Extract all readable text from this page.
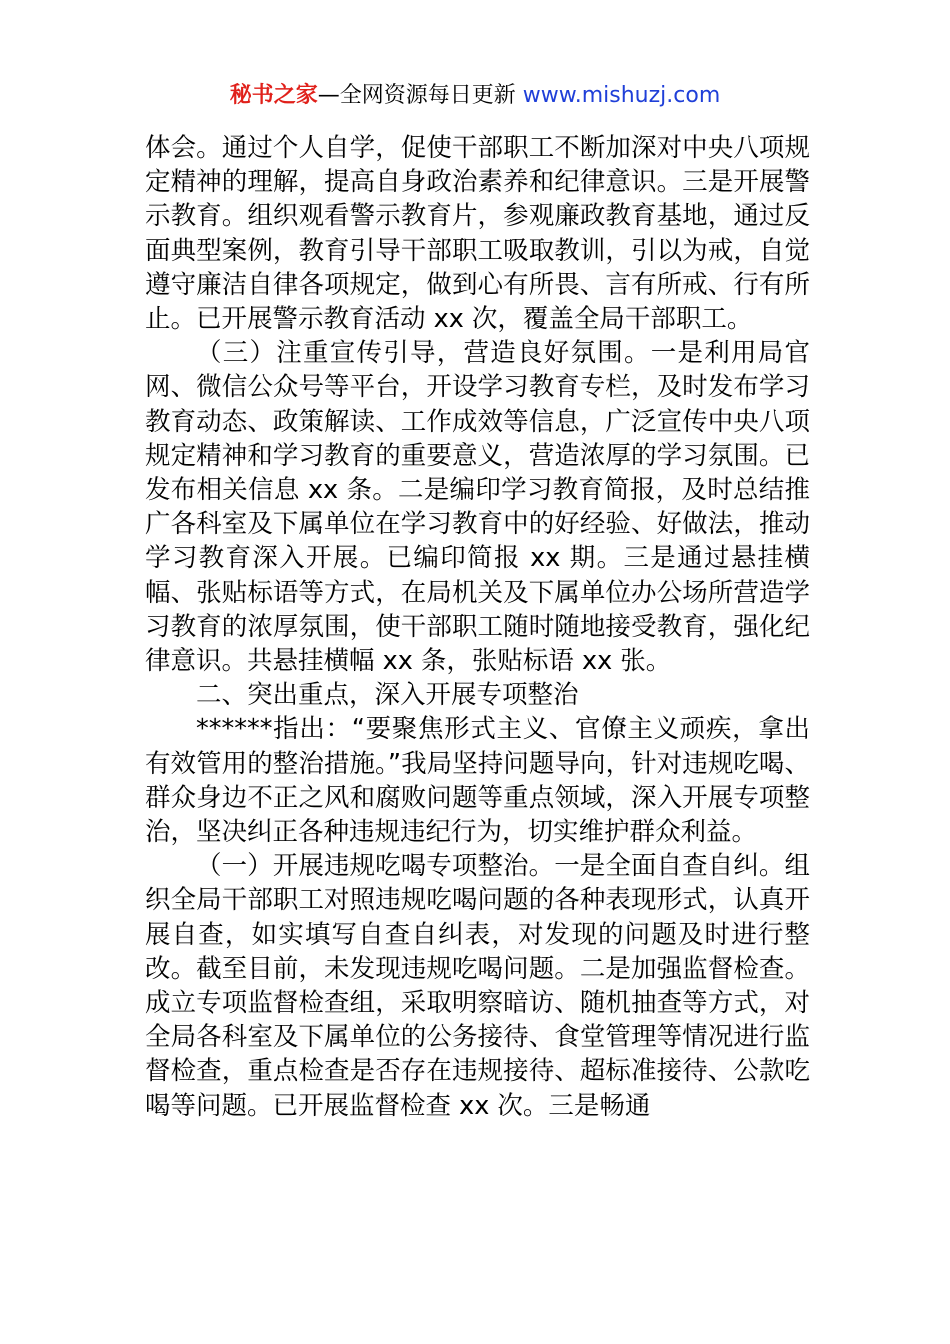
秘书之家—全网资源每日更新 www.mishuzj.com

体会。通过个人自学，促使干部职工不断加深对中央八项规定精神的理解，提高自身政治素养和纪律意识。三是开展警示教育。组织观看警示教育片，参观廉政教育基地，通过反面典型案例，教育引导干部职工吸取教训，引以为戒，自觉遵守廉洁自律各项规定，做到心有所畏、言有所戒、行有所止。已开展警示教育活动 xx 次，覆盖全局干部职工。

（三）注重宣传引导，营造良好氛围。一是利用局官网、微信公众号等平台，开设学习教育专栏，及时发布学习教育动态、政策解读、工作成效等信息，广泛宣传中央八项规定精神和学习教育的重要意义，营造浓厚的学习氛围。已发布相关信息 xx 条。二是编印学习教育简报，及时总结推广各科室及下属单位在学习教育中的好经验、好做法，推动学习教育深入开展。已编印简报 xx 期。三是通过悬挂横幅、张贴标语等方式，在局机关及下属单位办公场所营造学习教育的浓厚氛围，使干部职工随时随地接受教育，强化纪律意识。共悬挂横幅 xx 条，张贴标语 xx 张。

二、突出重点，深入开展专项整治

******指出：“要聚焦形式主义、官僚主义顽疾，拿出有效管用的整治措施。”我局坚持问题导向，针对违规吃喝、群众身边不正之风和腐败问题等重点领域，深入开展专项整治，坚决纠正各种违规违纪行为，切实维护群众利益。

（一）开展违规吃喝专项整治。一是全面自查自纠。组织全局干部职工对照违规吃喝问题的各种表现形式，认真开展自查，如实填写自查自纠表，对发现的问题及时进行整改。截至目前，未发现违规吃喝问题。二是加强监督检查。成立专项监督检查组，采取明察暗访、随机抽查等方式，对全局各科室及下属单位的公务接待、食堂管理等情况进行监督检查，重点检查是否存在违规接待、超标准接待、公款吃喝等问题。已开展监督检查 xx 次。三是畅通
